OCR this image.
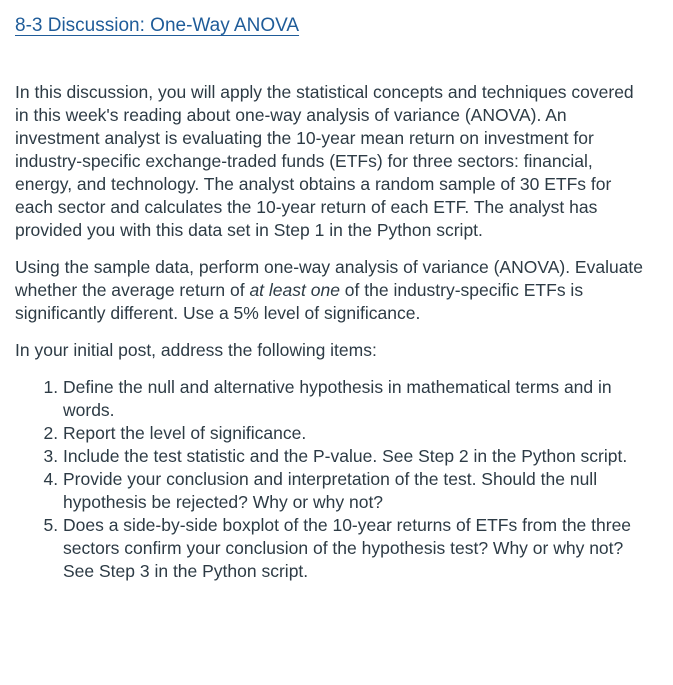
8-3 Discussion: One-Way ANOVA

In this discussion, you will apply the statistical concepts and techniques covered in this week's reading about one-way analysis of variance (ANOVA). An investment analyst is evaluating the 10-year mean return on investment for industry-specific exchange-traded funds (ETFs) for three sectors: financial, energy, and technology. The analyst obtains a random sample of 30 ETFs for each sector and calculates the 10-year return of each ETF. The analyst has provided you with this data set in Step 1 in the Python script.

Using the sample data, perform one-way analysis of variance (ANOVA). Evaluate whether the average return of at least one of the industry-specific ETFs is significantly different. Use a 5% level of significance.

In your initial post, address the following items:

1. Define the null and alternative hypothesis in mathematical terms and in words.
2. Report the level of significance.
3. Include the test statistic and the P-value. See Step 2 in the Python script.
4. Provide your conclusion and interpretation of the test. Should the null hypothesis be rejected? Why or why not?
5. Does a side-by-side boxplot of the 10-year returns of ETFs from the three sectors confirm your conclusion of the hypothesis test? Why or why not? See Step 3 in the Python script.
